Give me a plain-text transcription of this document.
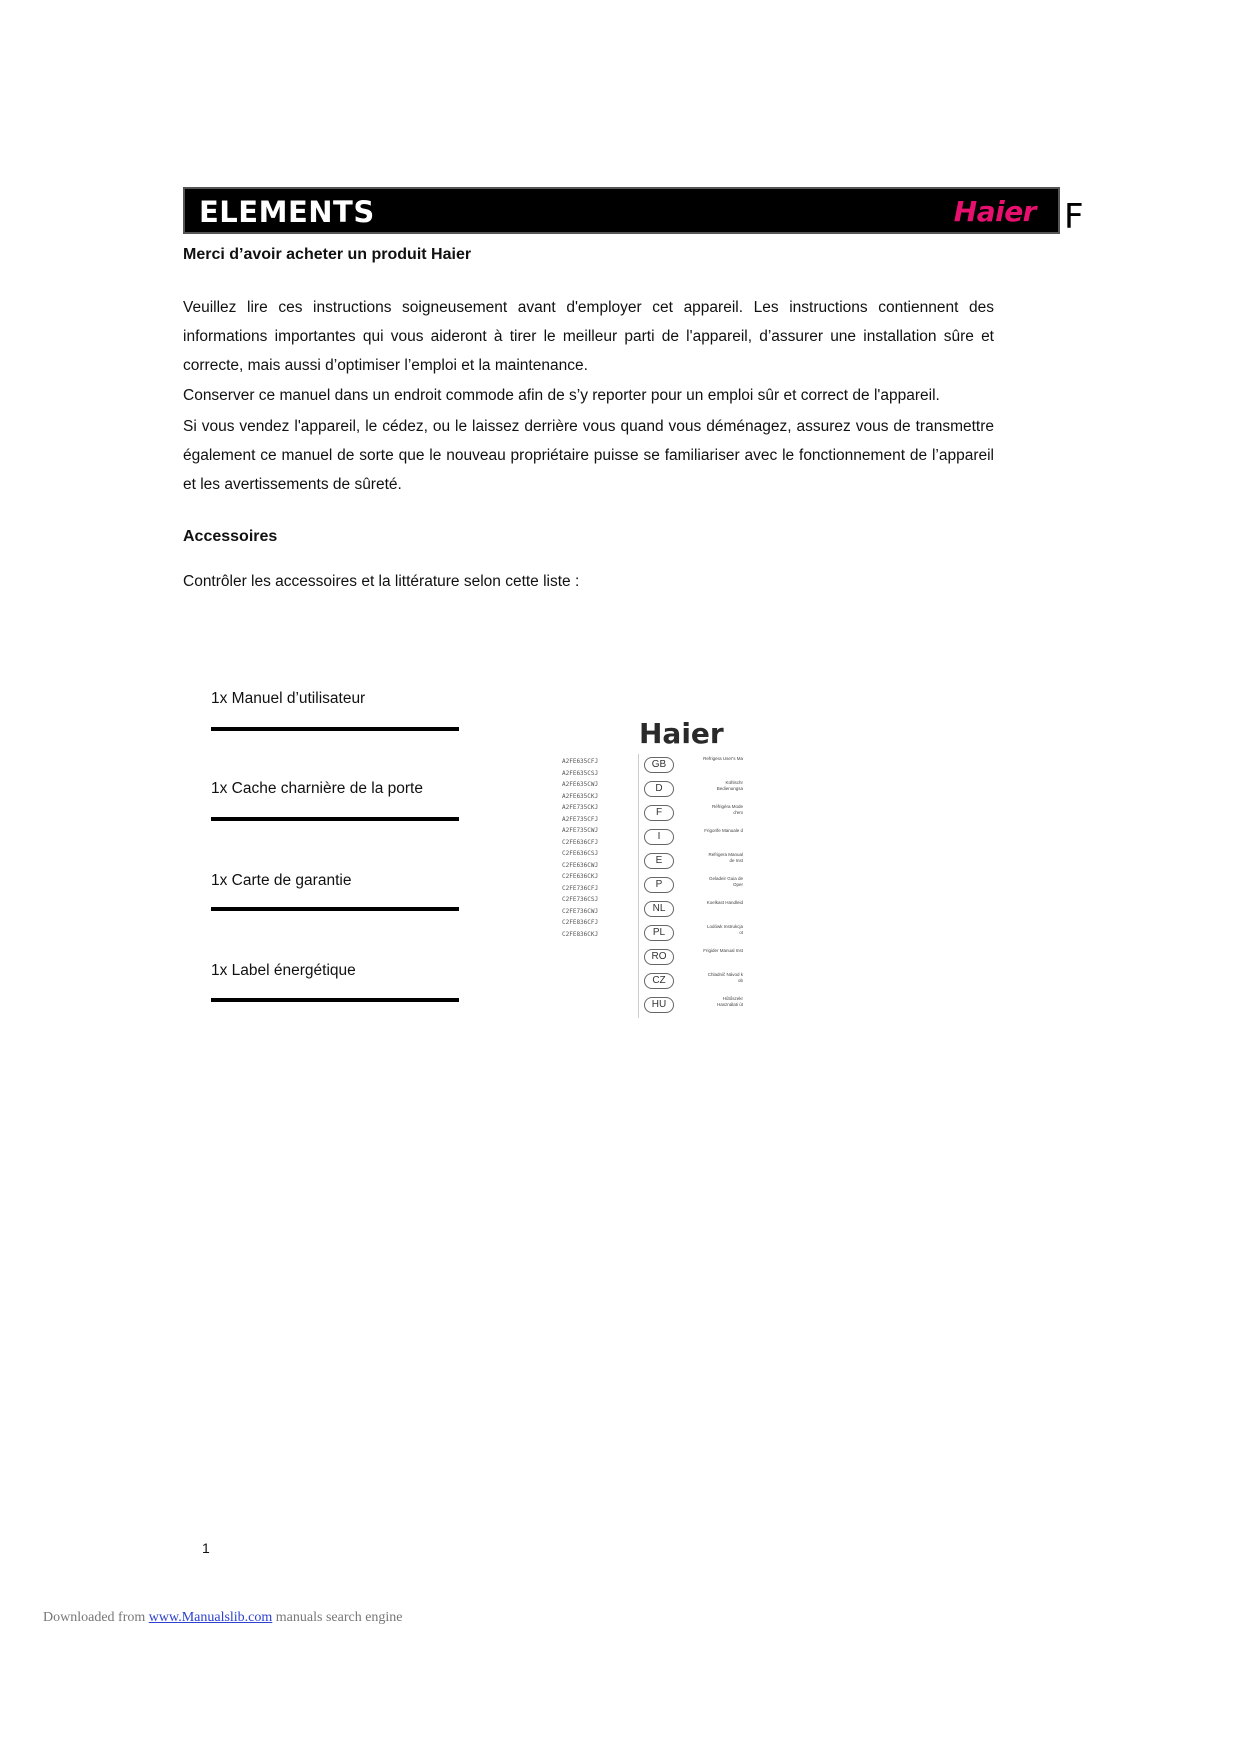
ELEMENTS	Haier F
Merci d’avoir acheter un produit Haier

Veuillez lire ces instructions soigneusement avant d'employer cet appareil. Les instructions contiennent des informations importantes qui vous aideront à tirer le meilleur parti de l'appareil, d’assurer une installation sûre et correcte, mais aussi d’optimiser l’emploi et la maintenance.

Conserver ce manuel dans un endroit commode afin de s’y reporter pour un emploi sûr et correct de l'appareil.

Si vous vendez l'appareil, le cédez, ou le laissez derrière vous quand vous déménagez, assurez vous de transmettre également ce manuel de sorte que le nouveau propriétaire puisse se familiariser avec le fonctionnement de l’appareil et les avertissements de sûreté.

Accessoires
Contrôler les accessoires et la littérature selon cette liste :
1x Manuel d’utilisateur
1x Cache charnière de la porte
1x Carte de garantie
1x Label énergétique
Haier
A2FE635CFJ
A2FE635CSJ
A2FE635CWJ
A2FE635CKJ
A2FE735CKJ
A2FE735CFJ
A2FE735CWJ
C2FE636CFJ
C2FE636CSJ
C2FE636CWJ
C2FE636CKJ
C2FE736CFJ
C2FE736CSJ
C2FE736CWJ
C2FE836CFJ
C2FE836CKJ
GB
Refrigera User's Ma
D
Kühlschr Bedienungsa
F
Réfrigéra Mode d'em
I
Frigorife Manuale d
E
Refrigera Manual de Inst
P
Geladeir Guia de Oper
NL
Koelkast Handleid
PL
Lodówk Instrukcja ot
RO
Frigider Manual Inst
CZ
Chladnič Návod k ob
HU
Hűtőszekr Használati út
1
Downloaded from www.Manualslib.com manuals search engine
